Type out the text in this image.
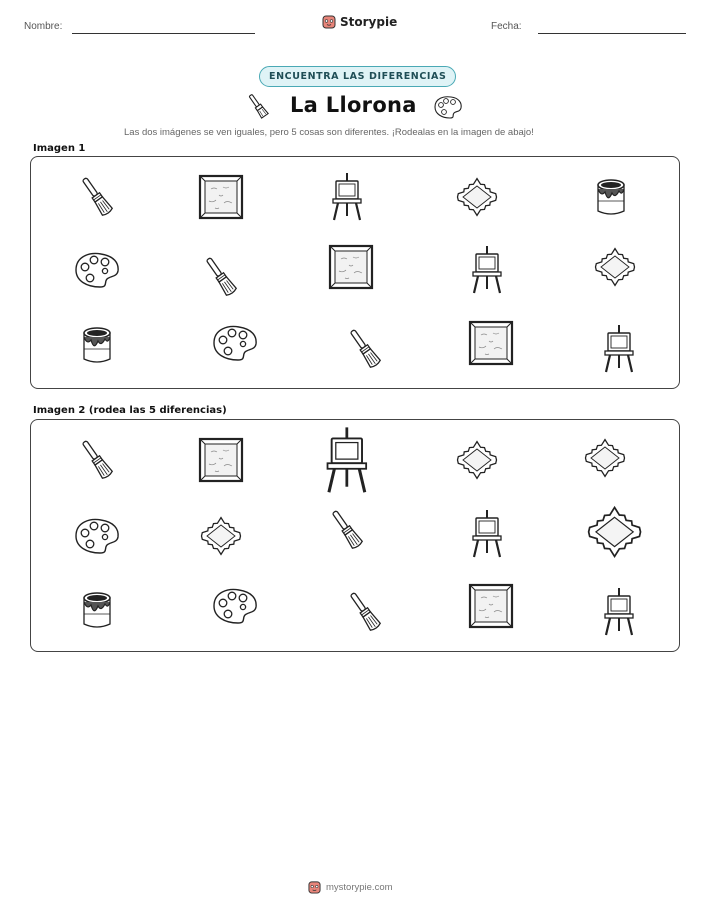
Nombre:	Storypie	Fecha:
ENCUENTRA LAS DIFERENCIAS
La Llorona
Las dos imágenes se ven iguales, pero 5 cosas son diferentes. ¡Rodealas en la imagen de abajo!
Imagen 1
Imagen 2 (rodea las 5 diferencias)
mystorypie.com
